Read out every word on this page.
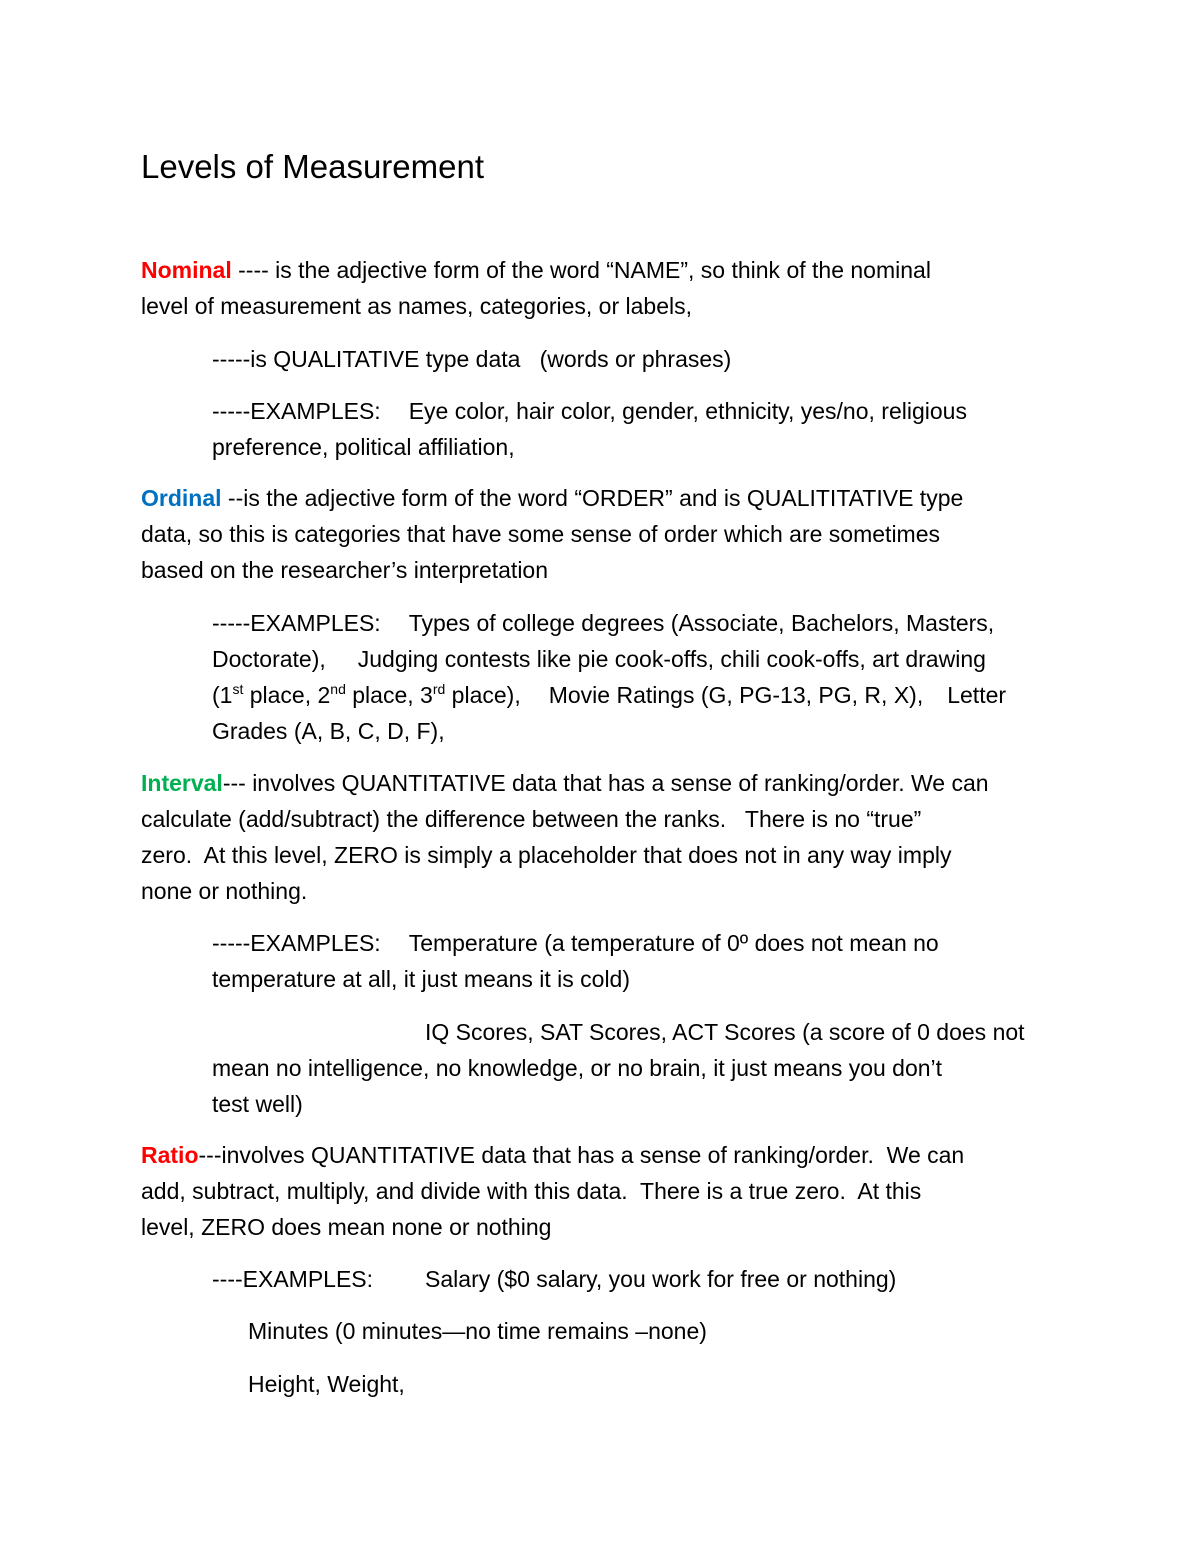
Levels of Measurement
Nominal ---- is the adjective form of the word “NAME”, so think of the nominal
level of measurement as names, categories, or labels,
-----is QUALITATIVE type data   (words or phrases)
-----EXAMPLES: Eye color, hair color, gender, ethnicity, yes/no, religious
preference, political affiliation,
Ordinal --is the adjective form of the word “ORDER” and is QUALITITATIVE type
data, so this is categories that have some sense of order which are sometimes
based on the researcher’s interpretation
-----EXAMPLES: Types of college degrees (Associate, Bachelors, Masters,
Doctorate), Judging contests like pie cook-offs, chili cook-offs, art drawing
(1st place, 2nd place, 3rd place), Movie Ratings (G, PG-13, PG, R, X), Letter
Grades (A, B, C, D, F),
Interval--- involves QUANTITATIVE data that has a sense of ranking/order. We can
calculate (add/subtract) the difference between the ranks.   There is no “true”
zero.  At this level, ZERO is simply a placeholder that does not in any way imply
none or nothing.
-----EXAMPLES: Temperature (a temperature of 0º does not mean no
temperature at all, it just means it is cold)
IQ Scores, SAT Scores, ACT Scores (a score of 0 does not
mean no intelligence, no knowledge, or no brain, it just means you don’t
test well)
Ratio---involves QUANTITATIVE data that has a sense of ranking/order.  We can
add, subtract, multiply, and divide with this data.  There is a true zero.  At this
level, ZERO does mean none or nothing
----EXAMPLES: Salary ($0 salary, you work for free or nothing)
Minutes (0 minutes—no time remains –none)
Height, Weight,
